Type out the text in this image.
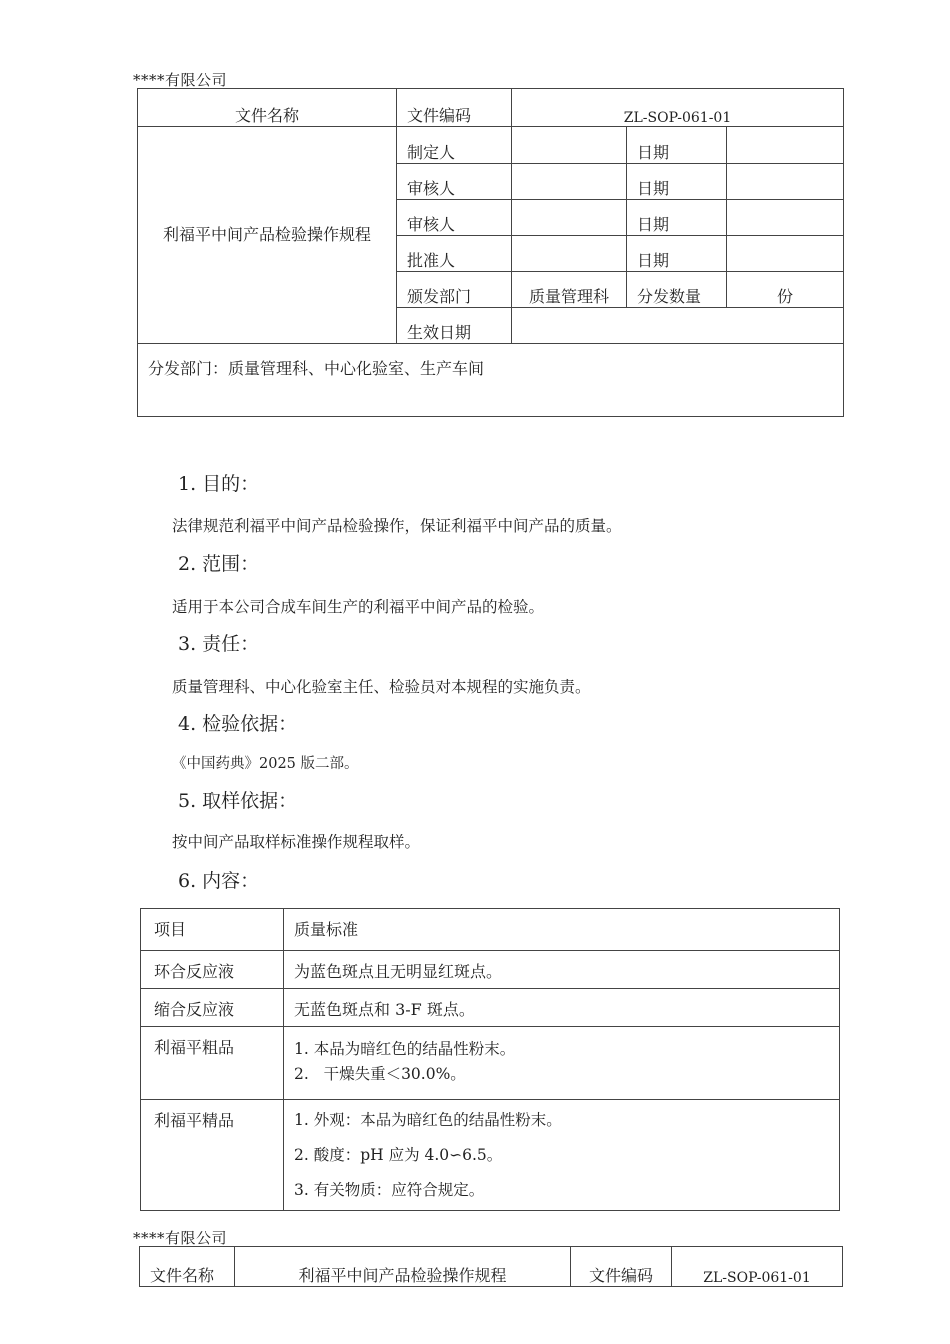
****有限公司
文件名称	文件编码	ZL-SOP-061-01		
利福平中间产品检验操作规程	制定人		日期	
	审核人		日期	
	审核人		日期	
	批准人		日期	
	颁发部门	质量管理科	分发数量	份
	生效日期			
分发部门：质量管理科、中心化验室、生产车间				
1. 目的：
法律规范利福平中间产品检验操作，保证利福平中间产品的质量。
2. 范围：
适用于本公司合成车间生产的利福平中间产品的检验。
3. 责任：
质量管理科、中心化验室主任、检验员对本规程的实施负责。
4. 检验依据：
《中国药典》2025 版二部。
5. 取样依据：
按中间产品取样标准操作规程取样。
6. 内容：
项目	质量标准
环合反应液	为蓝色斑点且无明显红斑点。
缩合反应液	无蓝色斑点和 3-F 斑点。
利福平粗品	1. 本品为暗红色的结晶性粉末。
2.   干燥失重＜30.0%。

利福平精品	1. 外观：本品为暗红色的结晶性粉末。
2. 酸度：pH 应为 4.0∽6.5。
3. 有关物质：应符合规定。
****有限公司
文件名称	利福平中间产品检验操作规程	文件编码	ZL-SOP-061-01
